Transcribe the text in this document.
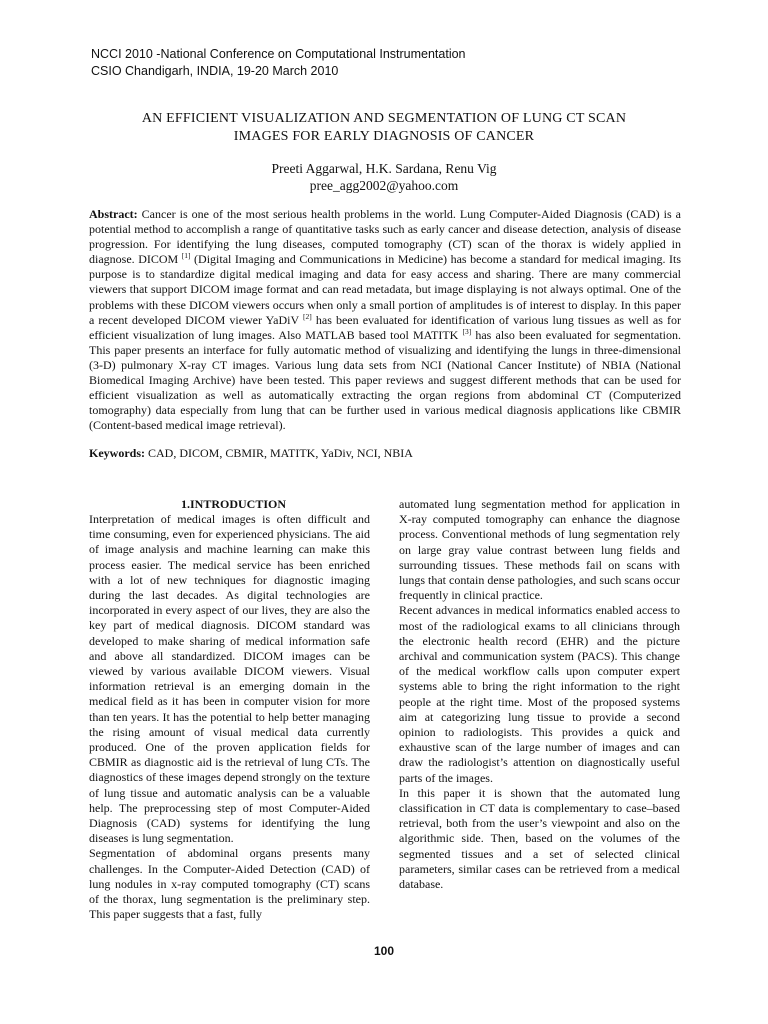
NCCI 2010 -National Conference on Computational Instrumentation
CSIO Chandigarh, INDIA, 19-20 March 2010
AN EFFICIENT VISUALIZATION AND SEGMENTATION OF LUNG CT SCAN
IMAGES FOR EARLY DIAGNOSIS OF CANCER
Preeti Aggarwal, H.K. Sardana, Renu Vig
pree_agg2002@yahoo.com
Abstract: Cancer is one of the most serious health problems in the world. Lung Computer-Aided Diagnosis (CAD) is a potential method to accomplish a range of quantitative tasks such as early cancer and disease detection, analysis of disease progression. For identifying the lung diseases, computed tomography (CT) scan of the thorax is widely applied in diagnose. DICOM [1] (Digital Imaging and Communications in Medicine) has become a standard for medical imaging. Its purpose is to standardize digital medical imaging and data for easy access and sharing. There are many commercial viewers that support DICOM image format and can read metadata, but image displaying is not always optimal. One of the problems with these DICOM viewers occurs when only a small portion of amplitudes is of interest to display. In this paper a recent developed DICOM viewer YaDiV [2] has been evaluated for identification of various lung tissues as well as for efficient visualization of lung images. Also MATLAB based tool MATITK [3] has also been evaluated for segmentation. This paper presents an interface for fully automatic method of visualizing and identifying the lungs in three-dimensional (3-D) pulmonary X-ray CT images. Various lung data sets from NCI (National Cancer Institute) of NBIA (National Biomedical Imaging Archive) have been tested. This paper reviews and suggest different methods that can be used for efficient visualization as well as automatically extracting the organ regions from abdominal CT (Computerized tomography) data especially from lung that can be further used in various medical diagnosis applications like CBMIR (Content-based medical image retrieval).
Keywords: CAD, DICOM, CBMIR, MATITK, YaDiv, NCI, NBIA
1.INTRODUCTION

Interpretation of medical images is often difficult and time consuming, even for experienced physicians. The aid of image analysis and machine learning can make this process easier. The medical service has been enriched with a lot of new techniques for diagnostic imaging during the last decades. As digital technologies are incorporated in every aspect of our lives, they are also the key part of medical diagnosis. DICOM standard was developed to make sharing of medical information safe and above all standardized. DICOM images can be viewed by various available DICOM viewers. Visual information retrieval is an emerging domain in the medical field as it has been in computer vision for more than ten years. It has the potential to help better managing the rising amount of visual medical data currently produced. One of the proven application fields for CBMIR as diagnostic aid is the retrieval of lung CTs. The diagnostics of these images depend strongly on the texture of lung tissue and automatic analysis can be a valuable help. The preprocessing step of most Computer-Aided Diagnosis (CAD) systems for identifying the lung diseases is lung segmentation.

Segmentation of abdominal organs presents many challenges. In the Computer-Aided Detection (CAD) of lung nodules in x-ray computed tomography (CT) scans of the thorax, lung segmentation is the preliminary step. This paper suggests that a fast, fully

automated lung segmentation method for application in X-ray computed tomography can enhance the diagnose process. Conventional methods of lung segmentation rely on large gray value contrast between lung fields and surrounding tissues. These methods fail on scans with lungs that contain dense pathologies, and such scans occur frequently in clinical practice.

Recent advances in medical informatics enabled access to most of the radiological exams to all clinicians through the electronic health record (EHR) and the picture archival and communication system (PACS). This change of the medical workflow calls upon computer expert systems able to bring the right information to the right people at the right time. Most of the proposed systems aim at categorizing lung tissue to provide a second opinion to radiologists. This provides a quick and exhaustive scan of the large number of images and can draw the radiologist’s attention on diagnostically useful parts of the images.

In this paper it is shown that the automated lung classification in CT data is complementary to case–based retrieval, both from the user’s viewpoint and also on the algorithmic side. Then, based on the volumes of the segmented tissues and a set of selected clinical parameters, similar cases can be retrieved from a medical database.

100
